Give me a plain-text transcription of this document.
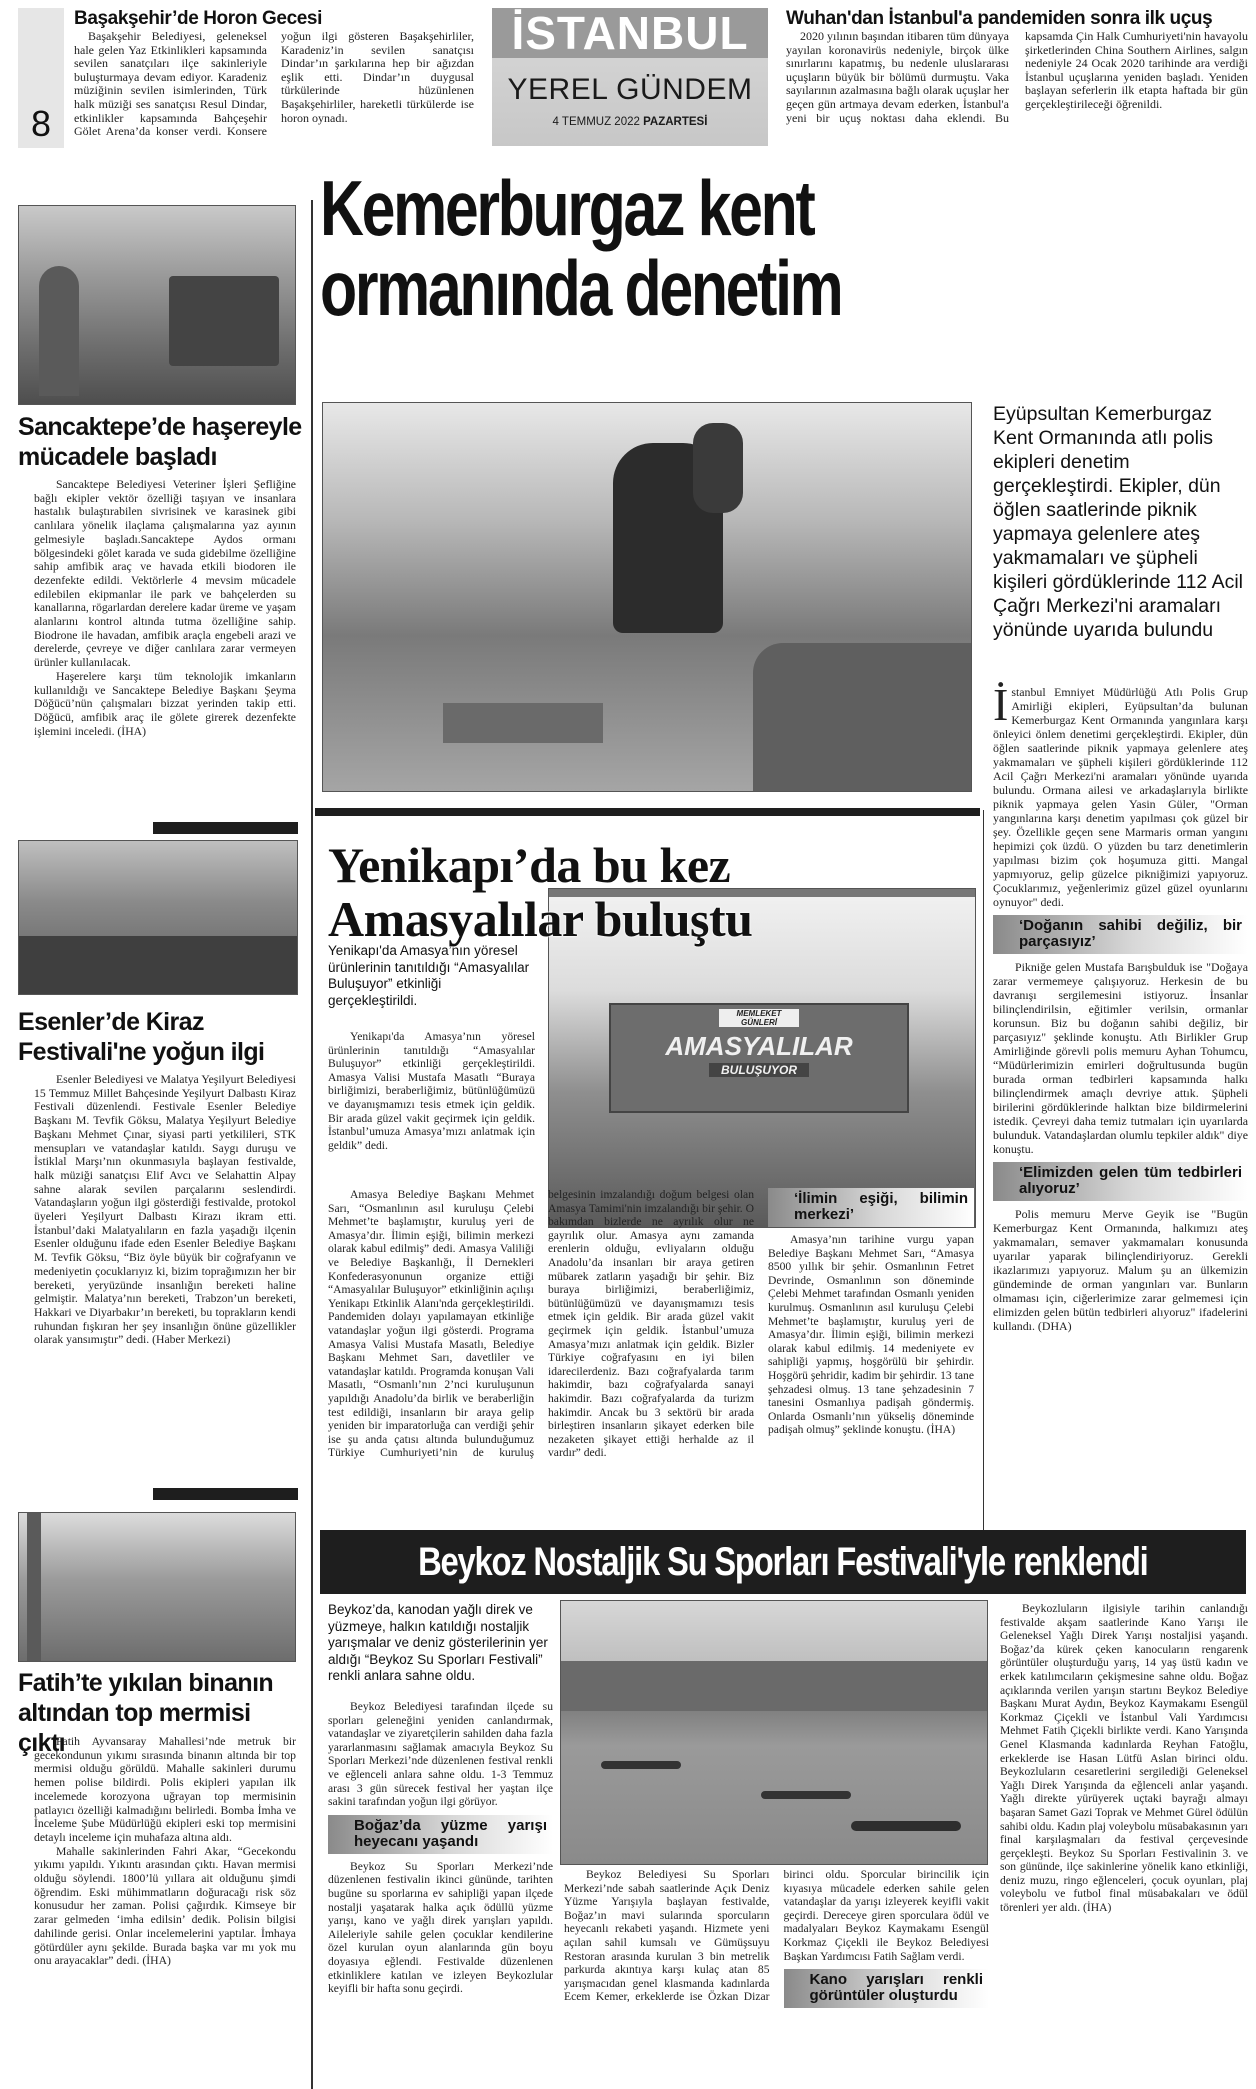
8
Başakşehir’de Horon Gecesi
Başakşehir Belediyesi, geleneksel hale gelen Yaz Etkinlikleri kapsamında sevilen sanatçıları ilçe sakinleriyle buluşturmaya devam ediyor. Karadeniz müziğinin sevilen isimlerinden, Türk halk müziği ses sanatçısı Resul Dindar, etkinlikler kapsamında Bahçeşehir Gölet Arena’da konser verdi. Konsere yoğun ilgi gösteren Başakşehirliler, Karadeniz’in sevilen sanatçısı Dindar’ın şarkılarına hep bir ağızdan eşlik etti. Dindar’ın duygusal türkülerinde hüzünlenen Başakşehirliler, hareketli türkülerde ise horon oynadı.
İSTANBUL
YEREL GÜNDEM
4 TEMMUZ 2022 PAZARTESİ
Wuhan'dan İstanbul'a pandemiden sonra ilk uçuş
2020 yılının başından itibaren tüm dünyaya yayılan koronavirüs nedeniyle, birçok ülke sınırlarını kapatmış, bu nedenle uluslararası uçuşların büyük bir bölümü durmuştu. Vaka sayılarının azalmasına bağlı olarak uçuşlar her geçen gün artmaya devam ederken, İstanbul'a yeni bir uçuş noktası daha eklendi. Bu kapsamda Çin Halk Cumhuriyeti'nin havayolu şirketlerinden China Southern Airlines, salgın nedeniyle 24 Ocak 2020 tarihinde ara verdiği İstanbul uçuşlarına yeniden başladı. Yeniden başlayan seferlerin ilk etapta haftada bir gün gerçekleştirileceği öğrenildi.
Sancaktepe’de haşereyle mücadele başladı

Sancaktepe Belediyesi Veteriner İşleri Şefliğine bağlı ekipler vektör özelliği taşıyan ve insanlara hastalık bulaştırabilen sivrisinek ve karasinek gibi canlılara yönelik ilaçlama çalışmalarına yaz ayının gelmesiyle başladı.Sancaktepe Aydos ormanı bölgesindeki gölet karada ve suda gidebilme özelliğine sahip amfibik araç ve havada etkili biodoren ile dezenfekte edildi. Vektörlerle 4 mevsim mücadele edilebilen ekipmanlar ile park ve bahçelerden su kanallarına, rögarlardan derelere kadar üreme ve yaşam alanlarını kontrol altında tutma özelliğine sahip. Biodrone ile havadan, amfibik araçla engebeli arazi ve derelerde, çevreye ve diğer canlılara zarar vermeyen ürünler kullanılacak.

Haşerelere karşı tüm teknolojik imkanların kullanıldığı ve Sancaktepe Belediye Başkanı Şeyma Döğücü’nün çalışmaları bizzat yerinden takip etti. Döğücü, amfibik araç ile gölete girerek dezenfekte işlemini inceledi. (İHA)

Esenler’de Kiraz Festivali'ne yoğun ilgi

Esenler Belediyesi ve Malatya Yeşilyurt Belediyesi 15 Temmuz Millet Bahçesinde Yeşilyurt Dalbastı Kiraz Festivali düzenlendi. Festivale Esenler Belediye Başkanı M. Tevfik Göksu, Malatya Yeşilyurt Belediye Başkanı Mehmet Çınar, siyasi parti yetkilileri, STK mensupları ve vatandaşlar katıldı. Saygı duruşu ve İstiklal Marşı’nın okunmasıyla başlayan festivalde, halk müziği sanatçısı Elif Avcı ve Selahattin Alpay sahne alarak sevilen parçalarını seslendirdi. Vatandaşların yoğun ilgi gösterdiği festivalde, protokol üyeleri Yeşilyurt Dalbastı Kirazı ikram etti. İstanbul’daki Malatyalıların en fazla yaşadığı ilçenin Esenler olduğunu ifade eden Esenler Belediye Başkanı M. Tevfik Göksu, “Biz öyle büyük bir coğrafyanın ve medeniyetin çocuklarıyız ki, bizim toprağımızın her bir bereketi, yeryüzünde insanlığın bereketi haline gelmiştir. Malatya’nın bereketi, Trabzon’un bereketi, Hakkari ve Diyarbakır’ın bereketi, bu toprakların kendi ruhundan fışkıran her şey insanlığın önüne güzellikler olarak yansımıştır” dedi. (Haber Merkezi)

Fatih’te yıkılan binanın altından top mermisi çıktı

Fatih Ayvansaray Mahallesi’nde metruk bir gecekondunun yıkımı sırasında binanın altında bir top mermisi olduğu görüldü. Mahalle sakinleri durumu hemen polise bildirdi. Polis ekipleri yapılan ilk incelemede korozyona uğrayan top mermisinin patlayıcı özelliği kalmadığını belirledi. Bomba İmha ve İnceleme Şube Müdürlüğü ekipleri eski top mermisini detaylı inceleme için muhafaza altına aldı.

Mahalle sakinlerinden Fahri Akar, “Gecekondu yıkımı yapıldı. Yıkıntı arasından çıktı. Havan mermisi olduğu söylendi. 1800’lü yıllara ait olduğunu şimdi öğrendim. Eski mühimmatların doğuracağı risk söz konusudur her zaman. Polisi çağırdık. Kimseye bir zarar gelmeden ‘imha edilsin’ dedik. Polisin bilgisi dahilinde gerisi. Onlar incelemelerini yaptılar. İmhaya götürdüler aynı şekilde. Burada başka var mı yok mu onu arayacaklar” dedi. (İHA)

Kemerburgaz kent
ormanında denetim
Eyüpsultan Kemerburgaz Kent Ormanında atlı polis ekipleri denetim gerçekleştirdi. Ekipler, dün öğlen saatlerinde piknik yapmaya gelenlere ateş yakmamaları ve şüpheli kişileri gördüklerinde 112 Acil Çağrı Merkezi'ni aramaları yönünde uyarıda bulundu

İstanbul Emniyet Müdürlüğü Atlı Polis Grup Amirliği ekipleri, Eyüpsultan’da bulunan Kemerburgaz Kent Ormanında yangınlara karşı önleyici önlem denetimi gerçekleştirdi. Ekipler, dün öğlen saatlerinde piknik yapmaya gelenlere ateş yakmamaları ve şüpheli kişileri gördüklerinde 112 Acil Çağrı Merkezi'ni aramaları yönünde uyarıda bulundu. Ormana ailesi ve arkadaşlarıyla birlikte piknik yapmaya gelen Yasin Güler, "Orman yangınlarına karşı denetim yapılması çok güzel bir şey. Özellikle geçen sene Marmaris orman yangını hepimizi çok üzdü. O yüzden bu tarz denetimlerin yapılması bizim çok hoşumuza gitti. Mangal yapmıyoruz, gelip güzelce pikniğimizi yapıyoruz. Çocuklarımız, yeğenlerimiz güzel güzel oyunlarını oynuyor" dedi.

‘Doğanın sahibi değiliz, bir parçasıyız’

Pikniğe gelen Mustafa Barışbulduk ise "Doğaya zarar vermemeye çalışıyoruz. Herkesin de bu davranışı sergilemesini istiyoruz. İnsanlar bilinçlendirilsin, eğitimler verilsin, ormanlar korunsun. Biz bu doğanın sahibi değiliz, bir parçasıyız" şeklinde konuştu. Atlı Birlikler Grup Amirliğinde görevli polis memuru Ayhan Tohumcu, “Müdürlerimizin emirleri doğrultusunda bugün burada orman tedbirleri kapsamında halkı bilinçlendirmek amaçlı devriye attık. Şüpheli birilerini gördüklerinde halktan bize bildirmelerini istedik. Çevreyi daha temiz tutmaları için uyarılarda bulunduk. Vatandaşlardan olumlu tepkiler aldık" diye konuştu.

‘Elimizden gelen tüm tedbirleri alıyoruz’

Polis memuru Merve Geyik ise "Bugün Kemerburgaz Kent Ormanında, halkımızı ateş yakmamaları, semaver yakmamaları konusunda uyarılar yaparak bilinçlendiriyoruz. Gerekli ikazlarımızı yapıyoruz. Malum şu an ülkemizin gündeminde de orman yangınları var. Bunların olmaması için, ciğerlerimize zarar gelmemesi için elimizden gelen bütün tedbirleri alıyoruz" ifadelerini kullandı. (DHA)

MEMLEKET GÜNLERİ
AMASYALILAR
BULUŞUYOR
Yenikapı’da bu kez
Amasyalılar buluştu
Yenikapı'da Amasya’nın yöresel ürünlerinin tanıtıldığı “Amasyalılar Buluşuyor” etkinliği gerçekleştirildi.

Yenikapı'da Amasya’nın yöresel ürünlerinin tanıtıldığı “Amasyalılar Buluşuyor” etkinliği gerçekleştirildi. Amasya Valisi Mustafa Masatlı “Buraya birliğimizi, beraberliğimiz, bütünlüğümüzü ve dayanışmamızı tesis etmek için geldik. Bir arada güzel vakit geçirmek için geldik. İstanbul’umuza Amasya’mızı anlatmak için geldik” dedi.

Amasya Belediye Başkanı Mehmet Sarı, “Osmanlının asıl kuruluşu Çelebi Mehmet’te başlamıştır, kuruluş yeri de Amasya’dır. İlimin eşiği, bilimin merkezi olarak kabul edilmiş” dedi. Amasya Valiliği ve Belediye Başkanlığı, İl Dernekleri Konfederasyonunun organize ettiği “Amasyalılar Buluşuyor” etkinliğinin açılışı Yenikapı Etkinlik Alanı'nda gerçekleştirildi. Pandemiden dolayı yapılamayan etkinliğe vatandaşlar yoğun ilgi gösterdi. Programa Amasya Valisi Mustafa Masatlı, Belediye Başkanı Mehmet Sarı, davetliler ve vatandaşlar katıldı. Programda konuşan Vali Masatlı, “Osmanlı’nın 2’nci kuruluşunun yapıldığı Anadolu’da birlik ve beraberliğin test edildiği, insanların bir araya gelip yeniden bir imparatorluğa can verdiği şehir ise şu anda çatısı altında bulunduğumuz Türkiye Cumhuriyeti’nin de kuruluş belgesinin imzalandığı doğum belgesi olan Amasya Tamimi'nin imzalandığı bir şehir. O bakımdan bizlerde ne ayrılık olur ne gayrılık olur. Amasya aynı zamanda erenlerin olduğu, evliyaların olduğu Anadolu’da insanları bir araya getiren mübarek zatların yaşadığı bir şehir. Biz buraya birliğimizi, beraberliğimiz, bütünlüğümüzü ve dayanışmamızı tesis etmek için geldik. Bir arada güzel vakit geçirmek için geldik. İstanbul’umuza Amasya’mızı anlatmak için geldik. Bizler Türkiye coğrafyasını en iyi bilen idarecilerdeniz. Bazı coğrafyalarda tarım hakimdir, bazı coğrafyalarda sanayi hakimdir. Bazı coğrafyalarda da turizm hakimdir. Ancak bu 3 sektörü bir arada birleştiren insanların şikayet ederken bile nezaketen şikayet ettiği herhalde az il vardır” dedi.

‘İlimin eşiği, bilimin merkezi’

Amasya’nın tarihine vurgu yapan Belediye Başkanı Mehmet Sarı, “Amasya 8500 yıllık bir şehir. Osmanlının Fetret Devrinde, Osmanlının son döneminde Çelebi Mehmet tarafından Osmanlı yeniden kurulmuş. Osmanlının asıl kuruluşu Çelebi Mehmet’te başlamıştır, kuruluş yeri de Amasya’dır. İlimin eşiği, bilimin merkezi olarak kabul edilmiş. 14 medeniyete ev sahipliği yapmış, hoşgörülü bir şehirdir. Hoşgörü şehridir, kadim bir şehirdir. 13 tane şehzadesi olmuş. 13 tane şehzadesinin 7 tanesini Osmanlıya padişah göndermiş. Onlarda Osmanlı’nın yükseliş döneminde padişah olmuş” şeklinde konuştu. (İHA)

Beykoz Nostaljik Su Sporları Festivali'yle renklendi
Beykoz’da, kanodan yağlı direk ve yüzmeye, halkın katıldığı nostaljik yarışmalar ve deniz gösterilerinin yer aldığı “Beykoz Su Sporları Festivali” renkli anlara sahne oldu.

Beykoz Belediyesi tarafından ilçede su sporları geleneğini yeniden canlandırmak, vatandaşlar ve ziyaretçilerin sahilden daha fazla yararlanmasını sağlamak amacıyla Beykoz Su Sporları Merkezi’nde düzenlenen festival renkli ve eğlenceli anlara sahne oldu. 1-3 Temmuz arası 3 gün sürecek festival her yaştan ilçe sakini tarafından yoğun ilgi görüyor.

Boğaz’da yüzme yarışı heyecanı yaşandı

Beykoz Su Sporları Merkezi’nde düzenlenen festivalin ikinci gününde, tarihten bugüne su sporlarına ev sahipliği yapan ilçede nostalji yaşatarak halka açık ödüllü yüzme yarışı, kano ve yağlı direk yarışları yapıldı. Aileleriyle sahile gelen çocuklar kendilerine özel kurulan oyun alanlarında gün boyu doyasıya eğlendi. Festivalde düzenlenen etkinliklere katılan ve izleyen Beykozlular keyifli bir hafta sonu geçirdi.

Beykoz Belediyesi Su Sporları Merkezi’nde sabah saatlerinde Açık Deniz Yüzme Yarışıyla başlayan festivalde, Boğaz’ın mavi sularında sporcuların heyecanlı rekabeti yaşandı. Hizmete yeni açılan sahil kumsalı ve Gümüşsuyu Restoran arasında kurulan 3 bin metrelik parkurda akıntıya karşı kulaç atan 85 yarışmacıdan genel klasmanda kadınlarda Ecem Kemer, erkeklerde ise Özkan Dizar birinci oldu. Sporcular birincilik için kıyasıya mücadele ederken sahile gelen vatandaşlar da yarışı izleyerek keyifli vakit geçirdi. Dereceye giren sporculara ödül ve madalyaları Beykoz Kaymakamı Esengül Korkmaz Çiçekli ile Beykoz Belediyesi Başkan Yardımcısı Fatih Sağlam verdi.

Kano yarışları renkli görüntüler oluşturdu

Beykozluların ilgisiyle tarihin canlandığı festivalde akşam saatlerinde Kano Yarışı ile Geleneksel Yağlı Direk Yarışı nostaljisi yaşandı. Boğaz’da kürek çeken kanocuların rengarenk görüntüler oluşturduğu yarış, 14 yaş üstü kadın ve erkek katılımcıların çekişmesine sahne oldu. Boğaz açıklarında verilen yarışın startını Beykoz Belediye Başkanı Murat Aydın, Beykoz Kaymakamı Esengül Korkmaz Çiçekli ve İstanbul Vali Yardımcısı Mehmet Fatih Çiçekli birlikte verdi. Kano Yarışında Genel Klasmanda kadınlarda Reyhan Fatoğlu, erkeklerde ise Hasan Lütfü Aslan birinci oldu. Beykozluların cesaretlerini sergilediği Geleneksel Yağlı Direk Yarışında da eğlenceli anlar yaşandı. Yağlı direkte yürüyerek uçtaki bayrağı almayı başaran Samet Gazi Toprak ve Mehmet Gürel ödülün sahibi oldu. Kadın plaj voleybolu müsabakasının yarı final karşılaşmaları da festival çerçevesinde gerçekleşti. Beykoz Su Sporları Festivalinin 3. ve son gününde, ilçe sakinlerine yönelik kano etkinliği, deniz muzu, ringo eğlenceleri, çocuk oyunları, plaj voleybolu ve futbol final müsabakaları ve ödül törenleri yer aldı. (İHA)
